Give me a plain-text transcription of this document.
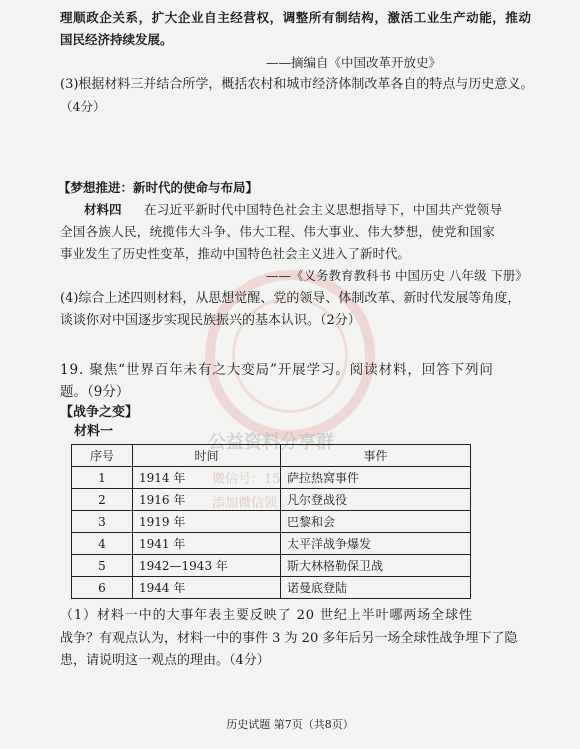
公益资料分享群
微信号：15
添加微信领
理顺政企关系，扩大企业自主经营权，调整所有制结构，激活工业生产动能，推动
国民经济持续发展。
——摘编自《中国改革开放史》
(3)根据材料三并结合所学，概括农村和城市经济体制改革各自的特点与历史意义。
（4分）
【梦想推进：新时代的使命与布局】
材料四 在习近平新时代中国特色社会主义思想指导下，中国共产党领导
全国各族人民，统揽伟大斗争、伟大工程、伟大事业、伟大梦想，使党和国家
事业发生了历史性变革，推动中国特色社会主义进入了新时代。
——《义务教育教科书 中国历史 八年级 下册》
(4)综合上述四则材料，从思想觉醒、党的领导、体制改革、新时代发展等角度，
谈谈你对中国逐步实现民族振兴的基本认识。（2分）
19. 聚焦“世界百年未有之大变局”开展学习。阅读材料，回答下列问
题。（9分）
【战争之变】
材料一
序号	时间	事件
1	1914 年	萨拉热窝事件
2	1916 年	凡尔登战役
3	1919 年	巴黎和会
4	1941 年	太平洋战争爆发
5	1942—1943 年	斯大林格勒保卫战
6	1944 年	诺曼底登陆
（1）材料一中的大事年表主要反映了 20 世纪上半叶哪两场全球性
战争？有观点认为，材料一中的事件 3 为 20 多年后另一场全球性战争埋下了隐
患，请说明这一观点的理由。（4分）
历史试题 第7页（共8页）
